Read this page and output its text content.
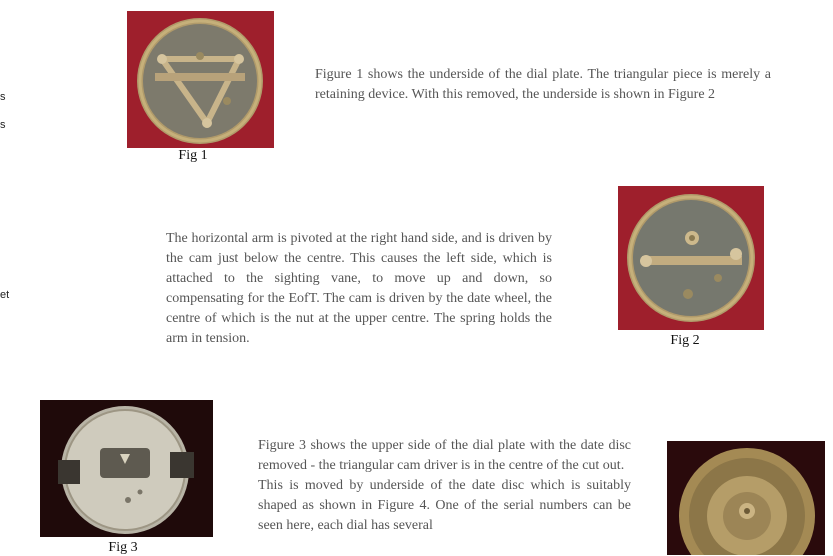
s
s
et
Fig 1

Figure 1 shows the underside of the dial plate. The triangular piece is merely a retaining device. With this removed, the underside is shown in Figure 2

Fig 2

The horizontal arm is pivoted at the right hand side, and is driven by the cam just below the centre. This causes the left side, which is attached to the sighting vane, to move up and down, so compensating for the EofT. The cam is driven by the date wheel, the centre of which is the nut at the upper centre. The spring holds the arm in tension.

Fig 3

Figure 3 shows the upper side of the dial plate with the date disc removed - the triangular cam driver is in the centre of the cut out.

This is moved by underside of the date disc which is suitably shaped as shown in Figure 4. One of the serial numbers can be seen here, each dial has several
